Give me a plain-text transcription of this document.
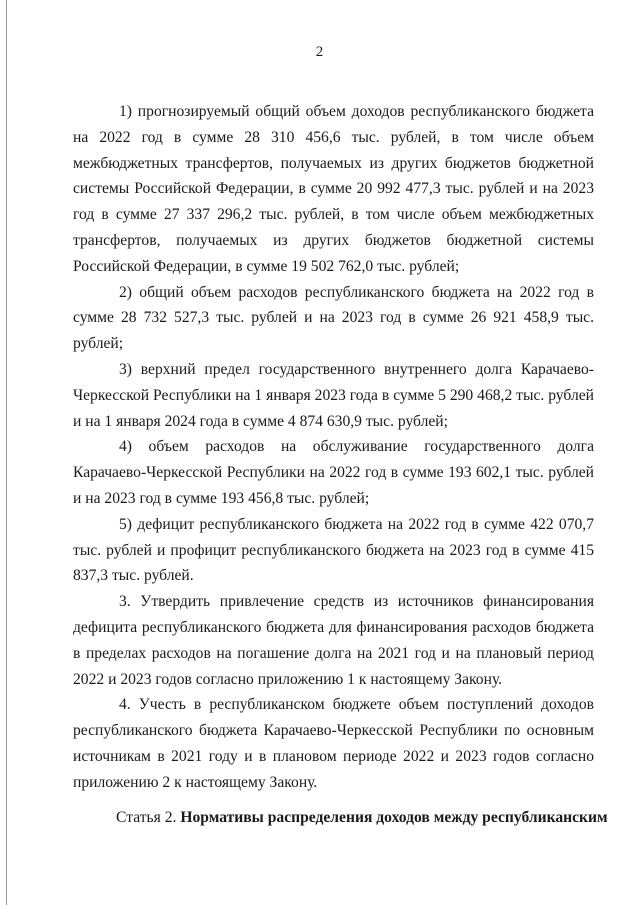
2

1) прогнозируемый общий объем доходов республиканского бюджета на 2022 год в сумме 28 310 456,6 тыс. рублей, в том числе объем межбюджетных трансфертов, получаемых из других бюджетов бюджетной системы Российской Федерации, в сумме 20 992 477,3 тыс. рублей и на 2023 год в сумме 27 337 296,2 тыс. рублей, в том числе объем межбюджетных трансфертов, получаемых из других бюджетов бюджетной системы Российской Федерации, в сумме 19 502 762,0 тыс. рублей;

2) общий объем расходов республиканского бюджета на 2022 год в сумме 28 732 527,3 тыс. рублей и на 2023 год в сумме 26 921 458,9 тыс. рублей;

3) верхний предел государственного внутреннего долга Карачаево-Черкесской Республики на 1 января 2023 года в сумме 5 290 468,2 тыс. рублей и на 1 января 2024 года в сумме 4 874 630,9 тыс. рублей;

4) объем расходов на обслуживание государственного долга Карачаево-Черкесской Республики на 2022 год в сумме 193 602,1 тыс. рублей и на 2023 год в сумме 193 456,8 тыс. рублей;

5) дефицит республиканского бюджета на 2022 год в сумме 422 070,7 тыс. рублей и профицит республиканского бюджета на 2023 год в сумме 415 837,3 тыс. рублей.

3. Утвердить привлечение средств из источников финансирования дефицита республиканского бюджета для финансирования расходов бюджета в пределах расходов на погашение долга на 2021 год и на плановый период 2022 и 2023 годов согласно приложению 1 к настоящему Закону.

4. Учесть в республиканском бюджете объем поступлений доходов республиканского бюджета Карачаево-Черкесской Республики по основным источникам в 2021 году и в плановом периоде 2022 и 2023 годов согласно приложению 2 к настоящему Закону.

Статья 2. Нормативы распределения доходов между республиканским
